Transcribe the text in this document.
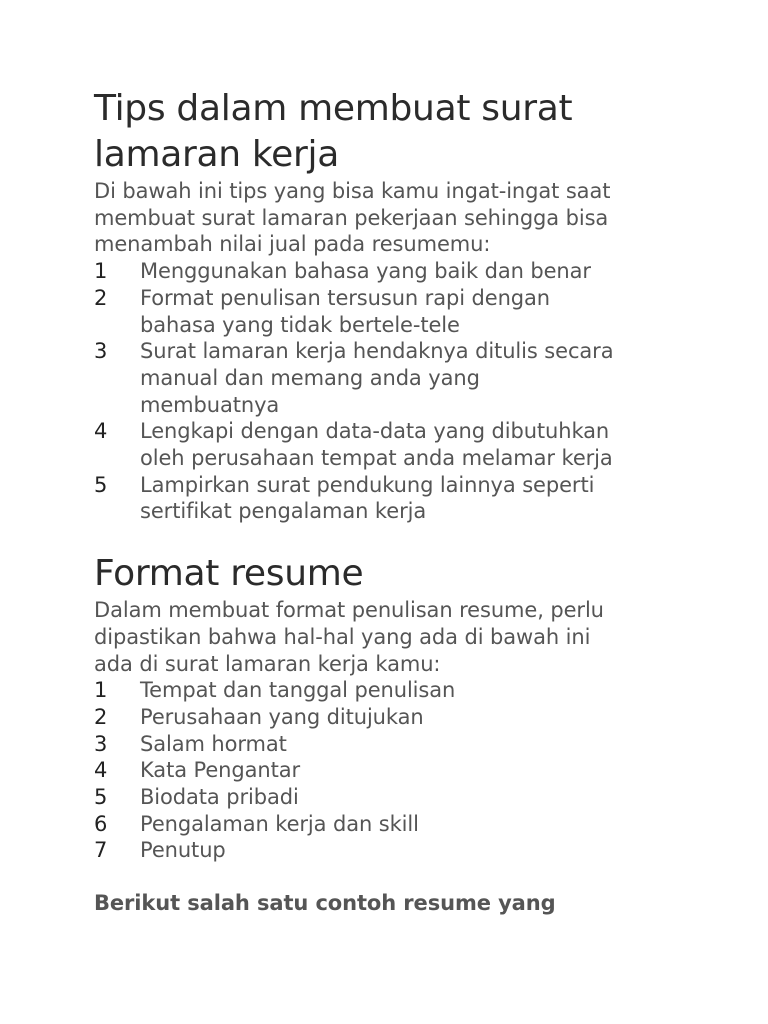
Tips dalam membuat surat
lamaran kerja

Di bawah ini tips yang bisa kamu ingat-ingat saat
membuat surat lamaran pekerjaan sehingga bisa
menambah nilai jual pada resumemu:

1	Menggunakan bahasa yang baik dan benar
2	Format penulisan tersusun rapi dengan
bahasa yang tidak bertele-tele
3	Surat lamaran kerja hendaknya ditulis secara
manual dan memang anda yang
membuatnya
4	Lengkapi dengan data-data yang dibutuhkan
oleh perusahaan tempat anda melamar kerja
5	Lampirkan surat pendukung lainnya seperti
sertifikat pengalaman kerja
Format resume

Dalam membuat format penulisan resume, perlu
dipastikan bahwa hal-hal yang ada di bawah ini
ada di surat lamaran kerja kamu:

1	Tempat dan tanggal penulisan
2	Perusahaan yang ditujukan
3	Salam hormat
4	Kata Pengantar
5	Biodata pribadi
6	Pengalaman kerja dan skill
7	Penutup

Berikut salah satu contoh resume yang
